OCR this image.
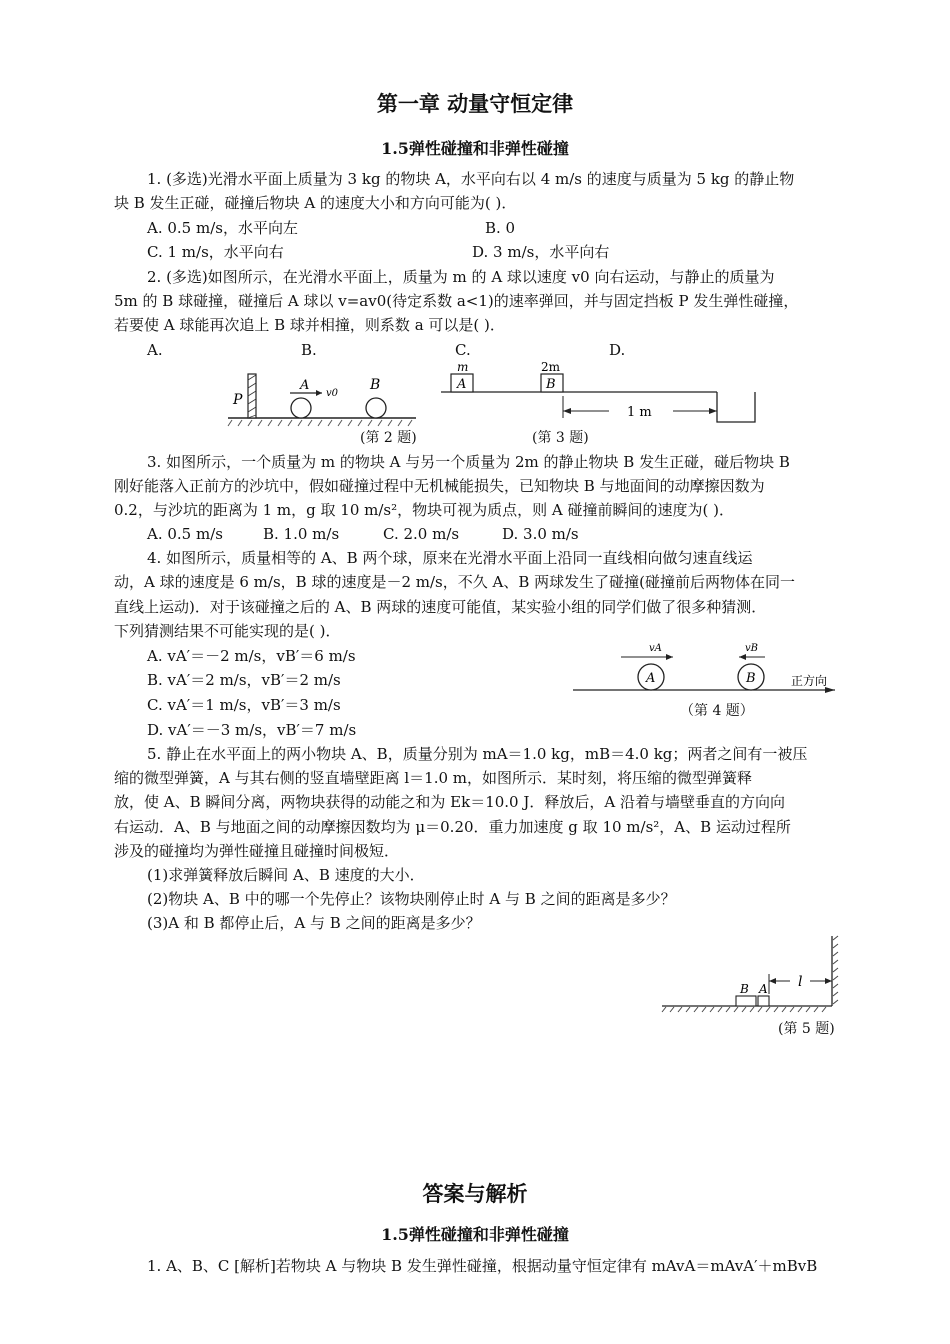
第一章 动量守恒定律
1.5弹性碰撞和非弹性碰撞
1. (多选)光滑水平面上质量为 3 kg 的物块 A，水平向右以 4 m/s 的速度与质量为 5 kg 的静止物
块 B 发生正碰，碰撞后物块 A 的速度大小和方向可能为( )．
A. 0.5 m/s，水平向左	B. 0
C. 1 m/s，水平向右	D. 3 m/s，水平向右
2. (多选)如图所示，在光滑水平面上，质量为 m 的 A 球以速度 v0 向右运动，与静止的质量为
5m 的 B 球碰撞，碰撞后 A 球以 v=av0(待定系数 a<1)的速率弹回，并与固定挡板 P 发生弹性碰撞，
若要使 A 球能再次追上 B 球并相撞，则系数 a 可以是( )．
A.	B.	C.	D.
P
A
v0
B
(第 2 题)
m
A
2m
B
1 m
(第 3 题)
3. 如图所示，一个质量为 m 的物块 A 与另一个质量为 2m 的静止物块 B 发生正碰，碰后物块 B
刚好能落入正前方的沙坑中，假如碰撞过程中无机械能损失，已知物块 B 与地面间的动摩擦因数为
0.2，与沙坑的距离为 1 m，g 取 10 m/s²，物块可视为质点，则 A 碰撞前瞬间的速度为( )．
A. 0.5 m/s	B. 1.0 m/s	C. 2.0 m/s	D. 3.0 m/s
4. 如图所示，质量相等的 A、B 两个球，原来在光滑水平面上沿同一直线相向做匀速直线运
动，A 球的速度是 6 m/s，B 球的速度是－2 m/s，不久 A、B 两球发生了碰撞(碰撞前后两物体在同一
直线上运动)．对于该碰撞之后的 A、B 两球的速度可能值，某实验小组的同学们做了很多种猜测．
下列猜测结果不可能实现的是( )．
A. vA′＝－2 m/s，vB′＝6 m/s
B. vA′＝2 m/s，vB′＝2 m/s
C. vA′＝1 m/s，vB′＝3 m/s
D. vA′＝－3 m/s，vB′＝7 m/s
A	B
vA	vB
正方向
（第 4 题）
5. 静止在水平面上的两小物块 A、B，质量分别为 mA＝1.0 kg，mB＝4.0 kg；两者之间有一被压
缩的微型弹簧，A 与其右侧的竖直墙壁距离 l＝1.0 m，如图所示．某时刻，将压缩的微型弹簧释
放，使 A、B 瞬间分离，两物块获得的动能之和为 Ek＝10.0 J．释放后，A 沿着与墙壁垂直的方向向
右运动．A、B 与地面之间的动摩擦因数均为 μ＝0.20．重力加速度 g 取 10 m/s²，A、B 运动过程所
涉及的碰撞均为弹性碰撞且碰撞时间极短．
(1)求弹簧释放后瞬间 A、B 速度的大小．
(2)物块 A、B 中的哪一个先停止？该物块刚停止时 A 与 B 之间的距离是多少？
(3)A 和 B 都停止后，A 与 B 之间的距离是多少？
B A l
(第 5 题)
答案与解析
1.5弹性碰撞和非弹性碰撞
1. A、B、C [解析]若物块 A 与物块 B 发生弹性碰撞，根据动量守恒定律有 mAvA＝mAvA′＋mBvB
